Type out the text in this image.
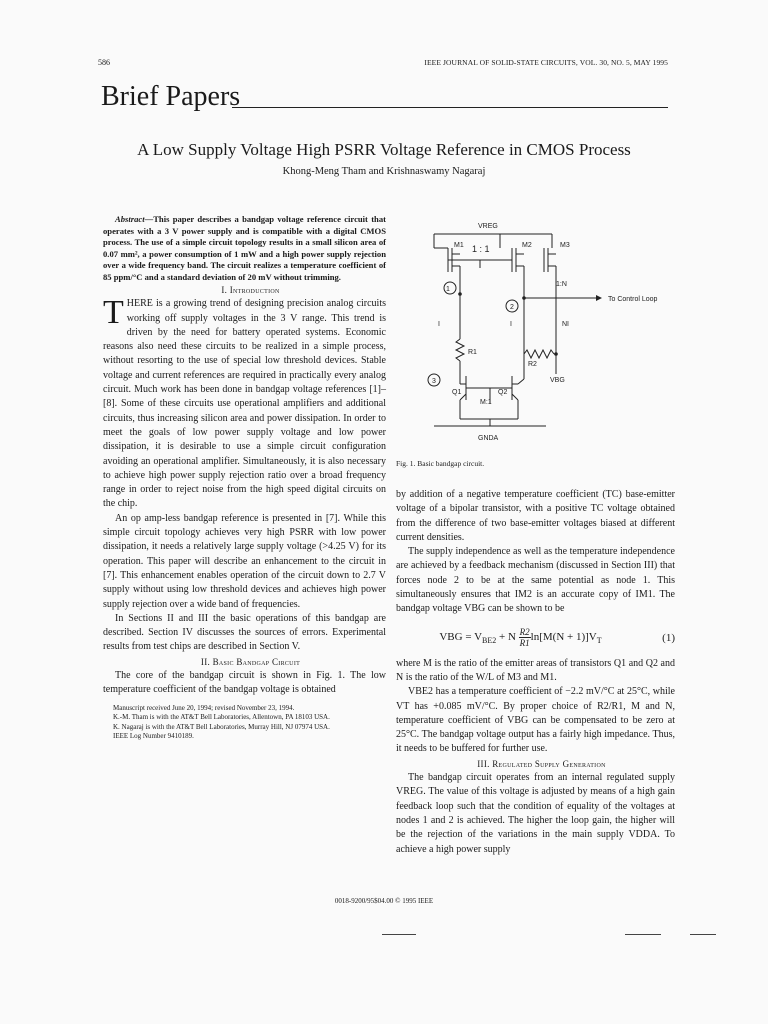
586	IEEE JOURNAL OF SOLID-STATE CIRCUITS, VOL. 30, NO. 5, MAY 1995
Brief Papers
A Low Supply Voltage High PSRR Voltage Reference in CMOS Process
Khong-Meng Tham and Krishnaswamy Nagaraj

Abstract—This paper describes a bandgap voltage reference circuit that operates with a 3 V power supply and is compatible with a digital CMOS process. The use of a simple circuit topology results in a small silicon area of 0.07 mm², a power consumption of 1 mW and a high power supply rejection over a wide frequency band. The circuit realizes a temperature coefficient of 85 ppm/°C and a standard deviation of 20 mV without trimming.

I. Introduction

THERE is a growing trend of designing precision analog circuits working off supply voltages in the 3 V range. This trend is driven by the need for battery operated systems. Economic reasons also need these circuits to be realized in a simple process, without resorting to the use of special low threshold devices. Stable voltage and current references are required in practically every analog circuit. Much work has been done in bandgap voltage references [1]–[8]. Some of these circuits use operational amplifiers and additional circuits, thus increasing silicon area and power dissipation. In order to meet the goals of low power supply voltage and low power dissipation, it is desirable to use a simple circuit configuration avoiding an operational amplifier. Simultaneously, it is also necessary to achieve high power supply rejection ratio over a broad frequency range in order to reject noise from the high speed digital circuits on the chip.

An op amp-less bandgap reference is presented in [7]. While this simple circuit topology achieves very high PSRR with low power dissipation, it needs a relatively large supply voltage (>4.25 V) for its operation. This paper will describe an enhancement to the circuit in [7]. This enhancement enables operation of the circuit down to 2.7 V supply without using low threshold devices and achieves high power supply rejection over a wide band of frequencies.

In Sections II and III the basic operations of this bandgap are described. Section IV discusses the sources of errors. Experimental results from test chips are described in Section V.

II. Basic Bandgap Circuit

The core of the bandgap circuit is shown in Fig. 1. The low temperature coefficient of the bandgap voltage is obtained

Manuscript received June 20, 1994; revised November 23, 1994.
K.-M. Tham is with the AT&T Bell Laboratories, Allentown, PA 18103 USA.
K. Nagaraj is with the AT&T Bell Laboratories, Murray Hill, NJ 07974 USA.
IEEE Log Number 9410189.
VREG
M1	M2	M3
1 : 1
1:N
1
2
3
To Control Loop
I	I	NI
R1
R2
Q1	Q2
M:1
VBG
GNDA
Fig. 1. Basic bandgap circuit.

by addition of a negative temperature coefficient (TC) base-emitter voltage of a bipolar transistor, with a positive TC voltage obtained from the difference of two base-emitter voltages biased at different current densities.

The supply independence as well as the temperature independence are achieved by a feedback mechanism (discussed in Section III) that forces node 2 to be at the same potential as node 1. This simultaneously ensures that IM2 is an accurate copy of IM1. The bandgap voltage VBG can be shown to be

VBG = $V_{BE2} + N \frac{R2}{R1} \ln[M(N + 1)]V_T$	(1)

where M is the ratio of the emitter areas of transistors Q1 and Q2 and N is the ratio of the W/L of M3 and M1.

VBE2 has a temperature coefficient of −2.2 mV/°C at 25°C, while VT has +0.085 mV/°C. By proper choice of R2/R1, M and N, temperature coefficient of VBG can be compensated to be zero at 25°C. The bandgap voltage output has a fairly high impedance. Thus, it needs to be buffered for further use.

III. Regulated Supply Generation

The bandgap circuit operates from an internal regulated supply VREG. The value of this voltage is adjusted by means of a high gain feedback loop such that the condition of equality of the voltages at nodes 1 and 2 is achieved. The higher the loop gain, the higher will be the rejection of the variations in the main supply VDDA. To achieve a high power supply

0018-9200/95$04.00 © 1995 IEEE
